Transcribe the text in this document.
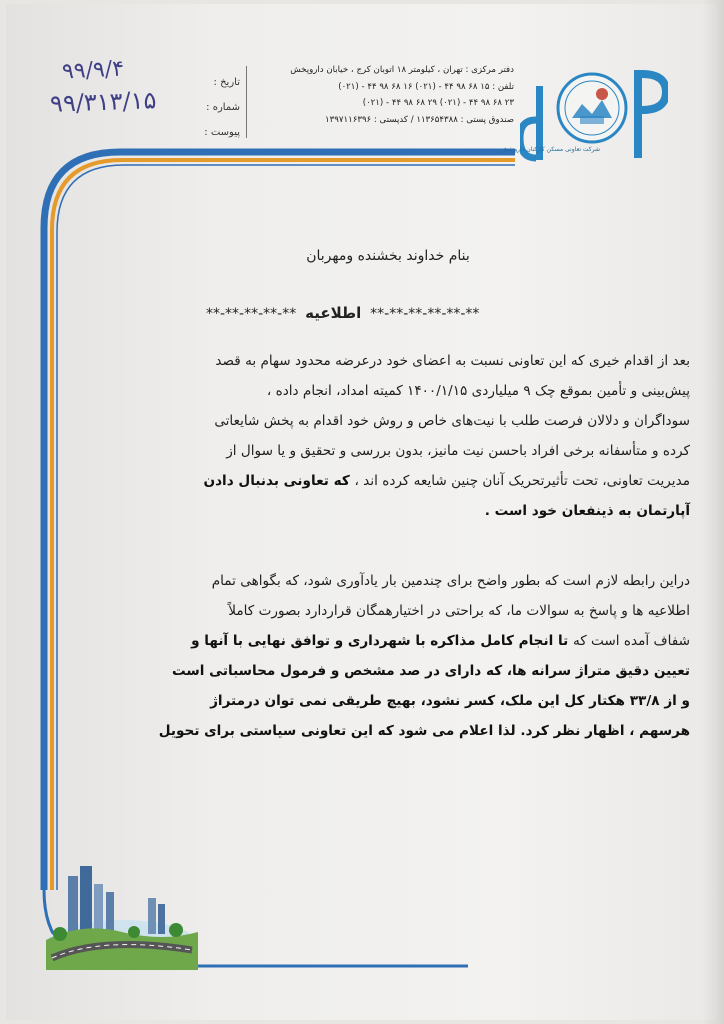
۹۹/۹/۴
۹۹/۳۱۳/۱۵
تاریخ :
شماره :
پیوست :
دفتر مرکزی : تهران ، کیلومتر ۱۸ اتوبان کرج ، خیابان داروپخش
تلفن : ۱۵ ۶۸ ۹۸ ۴۴ - (۰۲۱) ۱۶ ۶۸ ۹۸ ۴۴ - (۰۲۱)
۲۳ ۶۸ ۹۸ ۴۴ - (۰۲۱) ۲۹ ۶۸ ۹۸ ۴۴ - (۰۲۱)
صندوق پستی : ۱۱۳۶۵۴۳۸۸ / کدپستی : ۱۳۹۷۱۱۶۳۹۶
شرکت تعاونی مسکن کارکنان داروپخش
بنام خداوند بخشنده ومهربان
**-**-**-**-**-**  اطلاعیه  **-**-**-**-**
بعد از اقدام خیری که این تعاونی نسبت به اعضای خود درعرضه محدود سهام به قصد
پیش‌بینی و تأمین بموقع چک ۹ میلیاردی ۱۴۰۰/۱/۱۵ کمیته امداد، انجام داده ،
سوداگران و دلالان فرصت طلب با نیت‌های خاص و روش خود اقدام به پخش شایعاتی
کرده و متأسفانه برخی افراد باحسن نیت مانیز، بدون بررسی و تحقیق و یا سوال از
مدیریت تعاونی، تحت تأثیرتحریک آنان چنین شایعه کرده اند ، که تعاونی بدنبال دادن
آپارتمان به ذینفعان خود است .
دراین رابطه لازم است که بطور واضح برای چندمین بار یادآوری شود، که بگواهی تمام
اطلاعیه ها و پاسخ به سوالات ما، که براحتی در اختیارهمگان قراردارد بصورت کاملاً
شفاف آمده است که تا انجام کامل مذاکره با شهرداری و توافق نهایی با آنها و
تعیین دقیق متراژ سرانه ها، که دارای در صد مشخص و فرمول محاسباتی است
و از ۳۳/۸ هکتار کل این ملک، کسر نشود، بهیچ طریقی نمی توان درمتراژ
هرسهم ، اظهار نظر کرد. لذا اعلام می شود که این تعاونی سیاستی برای تحویل
